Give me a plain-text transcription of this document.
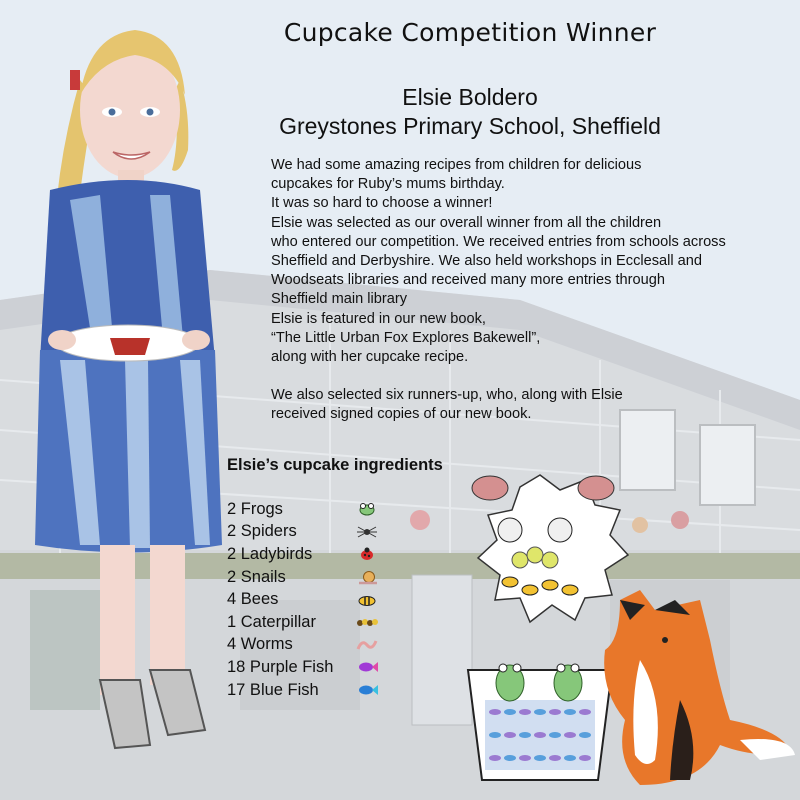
Cupcake Competition Winner
Elsie Boldero
Greystones Primary School, Sheffield
We had some amazing recipes from children for delicious
cupcakes for Ruby’s mums birthday.
It was so hard to choose a winner!
Elsie was selected as our overall winner from all the children
who entered our competition. We received entries from schools across
Sheffield and Derbyshire. We also held workshops in Ecclesall and
Woodseats libraries and received many more entries through
Sheffield main library
Elsie is featured in our new book,
“The Little Urban Fox Explores Bakewell”,
along with her cupcake recipe.
We also selected six runners-up, who, along with Elsie
received signed copies of our new book.
Elsie’s cupcake ingredients
2 Frogs
2 Spiders
2 Ladybirds
2 Snails
4 Bees
1 Caterpillar
4 Worms
18 Purple Fish
17 Blue Fish
